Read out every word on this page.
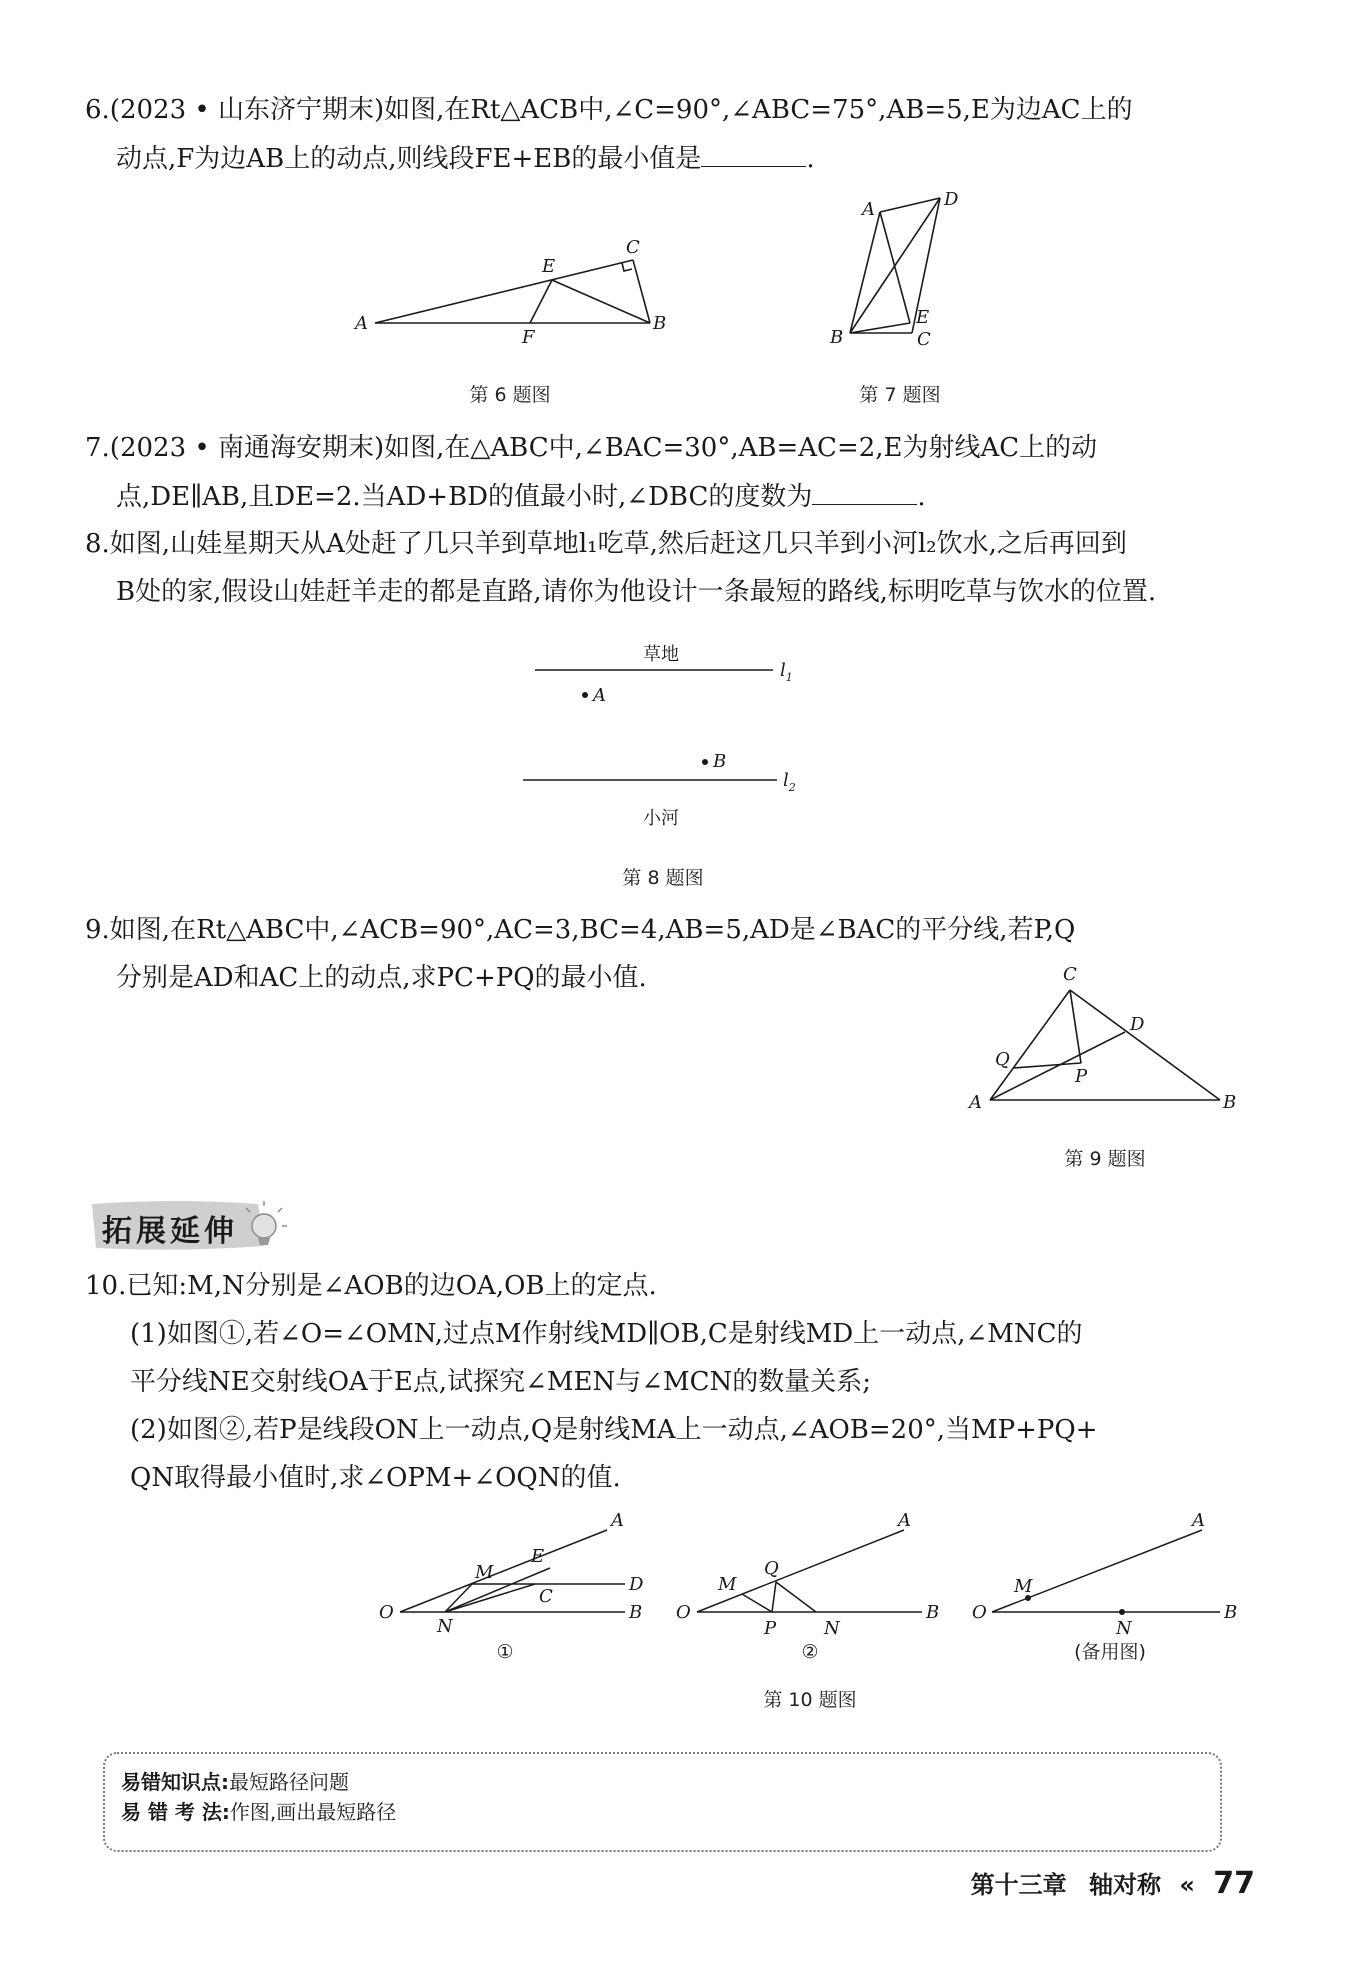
6.(2023 • 山东济宁期末)如图,在Rt△ACB中,∠C=90°,∠ABC=75°,AB=5,E为边AC上的
动点,F为边AB上的动点,则线段FE+EB的最小值是	.
A	B
C
E
F
第 6 题图
A	D
B	C
E
第 7 题图
7.(2023 • 南通海安期末)如图,在△ABC中,∠BAC=30°,AB=AC=2,E为射线AC上的动
点,DE∥AB,且DE=2.当AD+BD的值最小时,∠DBC的度数为	.
8.如图,山娃星期天从A处赶了几只羊到草地l₁吃草,然后赶这几只羊到小河l₂饮水,之后再回到
B处的家,假设山娃赶羊走的都是直路,请你为他设计一条最短的路线,标明吃草与饮水的位置.
草地
小河
$l_1$
$l_2$
A
B
第 8 题图
9.如图,在Rt△ABC中,∠ACB=90°,AC=3,BC=4,AB=5,AD是∠BAC的平分线,若P,Q
分别是AD和AC上的动点,求PC+PQ的最小值.
A	B
C
D
P
Q
第 9 题图
拓展延伸
10.已知:M,N分别是∠AOB的边OA,OB上的定点.
(1)如图①,若∠O=∠OMN,过点M作射线MD∥OB,C是射线MD上一动点,∠MNC的
平分线NE交射线OA于E点,试探究∠MEN与∠MCN的数量关系;
(2)如图②,若P是线段ON上一动点,Q是射线MA上一动点,∠AOB=20°,当MP+PQ+
QN取得最小值时,求∠OPM+∠OQN的值.
O
A
B
D
M
N
E
C
①
O
A
B
M
P
Q
N
②
O
A
B
M
N
(备用图)
第 10 题图
易错知识点:最短路径问题
易 错 考 法:作图,画出最短路径
第十三章 轴对称 « 77
